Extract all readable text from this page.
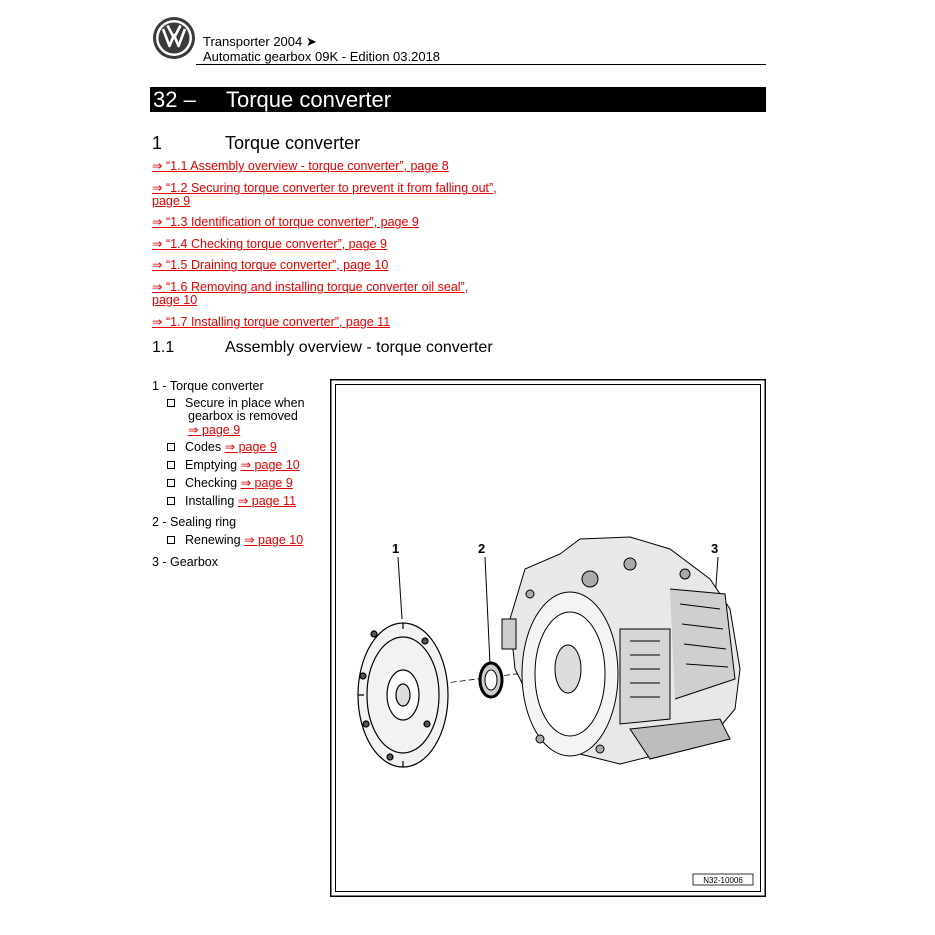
Transporter 2004 ➤
Automatic gearbox 09K - Edition 03.2018
32 – Torque converter
1	Torque converter
⇒ “1.1 Assembly overview - torque converter”, page 8
⇒ “1.2 Securing torque converter to prevent it from falling out”,
page 9
⇒ “1.3 Identification of torque converter”, page 9
⇒ “1.4 Checking torque converter”, page 9
⇒ “1.5 Draining torque converter”, page 10
⇒ “1.6 Removing and installing torque converter oil seal”,
page 10
⇒ “1.7 Installing torque converter”, page 11
1.1	Assembly overview - torque converter
1 - Torque converter
Secure in place when
gearbox is removed
⇒ page 9
Codes ⇒ page 9
Emptying ⇒ page 10
Checking ⇒ page 9
Installing ⇒ page 11
2 - Sealing ring
Renewing ⇒ page 10
3 - Gearbox
1	2	3
N32-10006
